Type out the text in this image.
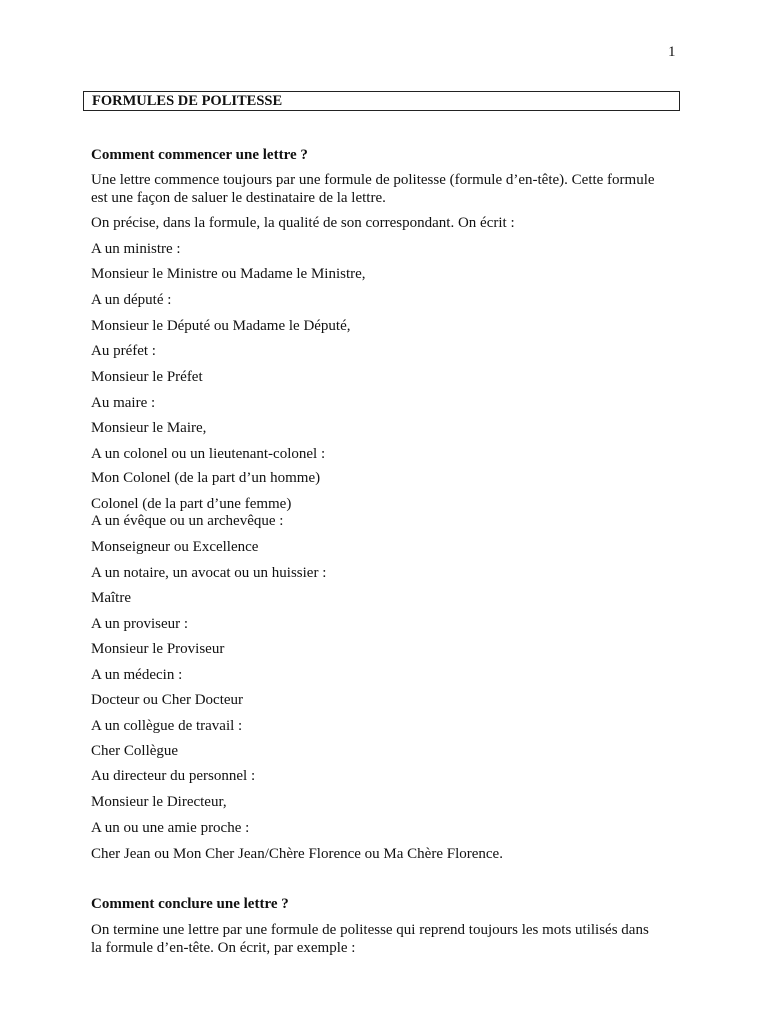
1
FORMULES DE POLITESSE
Comment commencer une lettre ?
Une lettre commence toujours par une formule de politesse (formule d’en-tête). Cette formule
est une façon de saluer le destinataire de la lettre.
On précise, dans la formule, la qualité de son correspondant. On écrit :
A un ministre :
Monsieur le Ministre ou Madame le Ministre,
A un député :
Monsieur le Député ou Madame le Député,
Au préfet :
Monsieur le Préfet
Au maire :
Monsieur le Maire,
A un colonel ou un lieutenant-colonel :
Mon Colonel (de la part d’un homme)
Colonel (de la part d’une femme)
A un évêque ou un archevêque :
Monseigneur ou Excellence
A un notaire, un avocat ou un huissier :
Maître
A un proviseur :
Monsieur le Proviseur
A un médecin :
Docteur ou Cher Docteur
A un collègue de travail :
Cher Collègue
Au directeur du personnel :
Monsieur le Directeur,
A un ou une amie proche :
Cher Jean ou Mon Cher Jean/Chère Florence ou Ma Chère Florence.
Comment conclure une lettre ?
On termine une lettre par une formule de politesse qui reprend toujours les mots utilisés dans
la formule d’en-tête. On écrit, par exemple :
